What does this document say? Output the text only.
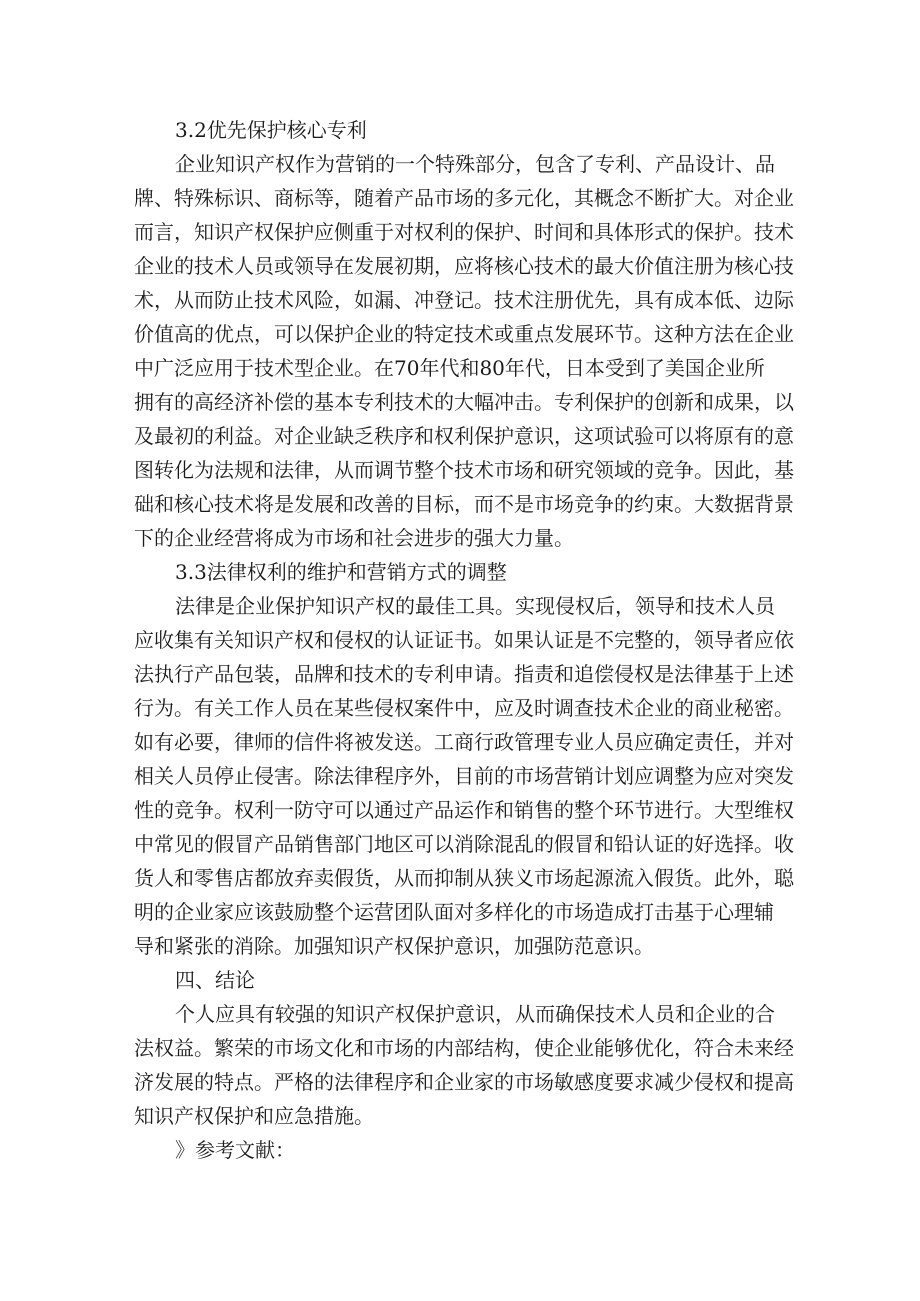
3.2优先保护核心专利
企业知识产权作为营销的一个特殊部分，包含了专利、产品设计、品
牌、特殊标识、商标等，随着产品市场的多元化，其概念不断扩大。对企业
而言，知识产权保护应侧重于对权利的保护、时间和具体形式的保护。技术
企业的技术人员或领导在发展初期，应将核心技术的最大价值注册为核心技
术，从而防止技术风险，如漏、冲登记。技术注册优先，具有成本低、边际
价值高的优点，可以保护企业的特定技术或重点发展环节。这种方法在企业
中广泛应用于技术型企业。在70年代和80年代，日本受到了美国企业所
拥有的高经济补偿的基本专利技术的大幅冲击。专利保护的创新和成果，以
及最初的利益。对企业缺乏秩序和权利保护意识，这项试验可以将原有的意
图转化为法规和法律，从而调节整个技术市场和研究领域的竞争。因此，基
础和核心技术将是发展和改善的目标，而不是市场竞争的约束。大数据背景
下的企业经营将成为市场和社会进步的强大力量。
3.3法律权利的维护和营销方式的调整
法律是企业保护知识产权的最佳工具。实现侵权后，领导和技术人员
应收集有关知识产权和侵权的认证证书。如果认证是不完整的，领导者应依
法执行产品包装，品牌和技术的专利申请。指责和追偿侵权是法律基于上述
行为。有关工作人员在某些侵权案件中，应及时调查技术企业的商业秘密。
如有必要，律师的信件将被发送。工商行政管理专业人员应确定责任，并对
相关人员停止侵害。除法律程序外，目前的市场营销计划应调整为应对突发
性的竞争。权利一防守可以通过产品运作和销售的整个环节进行。大型维权
中常见的假冒产品销售部门地区可以消除混乱的假冒和铅认证的好选择。收
货人和零售店都放弃卖假货，从而抑制从狭义市场起源流入假货。此外，聪
明的企业家应该鼓励整个运营团队面对多样化的市场造成打击基于心理辅
导和紧张的消除。加强知识产权保护意识，加强防范意识。
四、结论
个人应具有较强的知识产权保护意识，从而确保技术人员和企业的合
法权益。繁荣的市场文化和市场的内部结构，使企业能够优化，符合未来经
济发展的特点。严格的法律程序和企业家的市场敏感度要求减少侵权和提高
知识产权保护和应急措施。
》参考文献：
